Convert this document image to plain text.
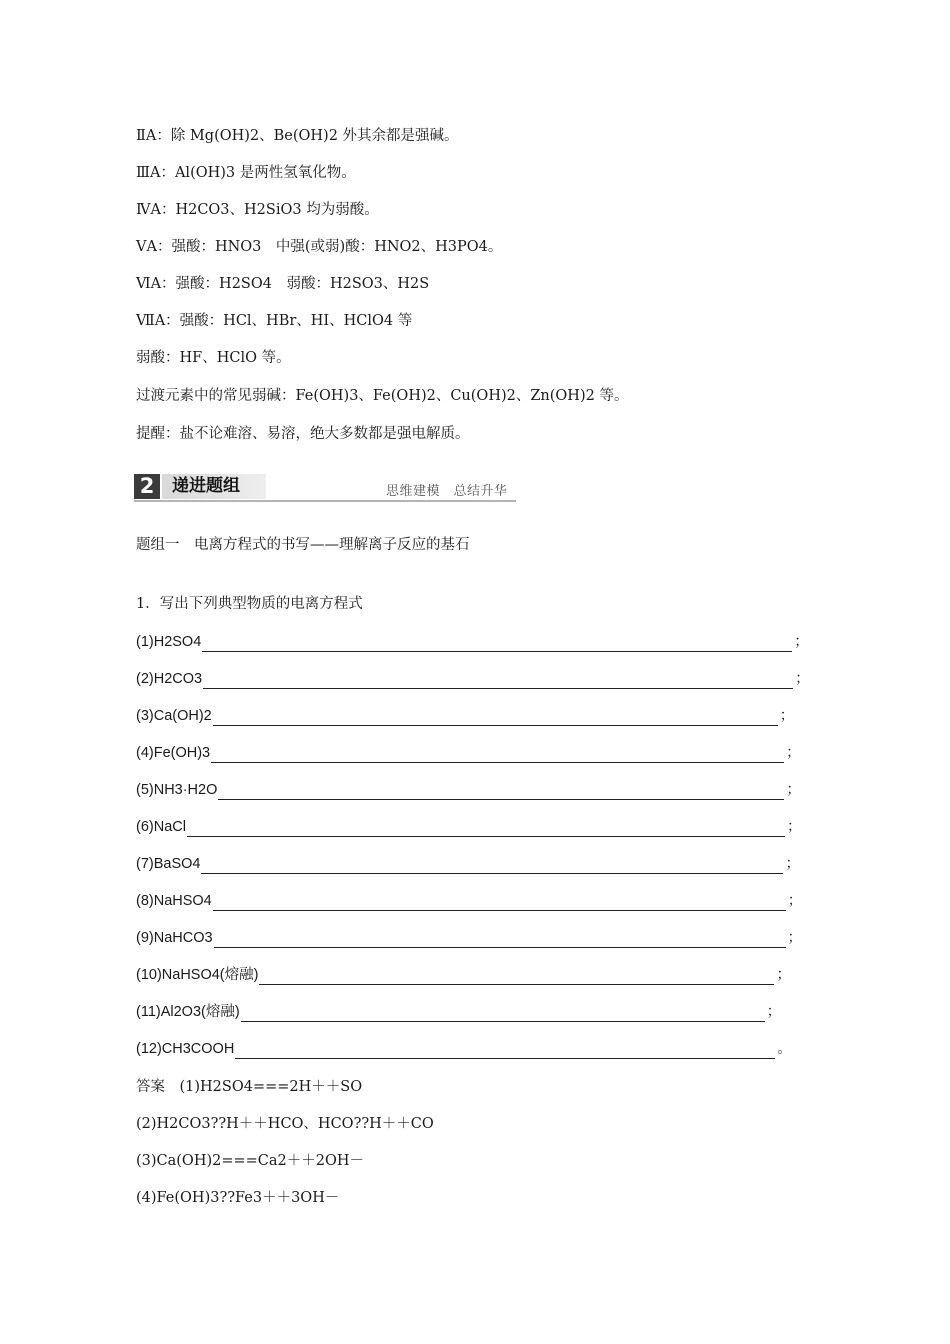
ⅡA：除 Mg(OH)2、Be(OH)2 外其余都是强碱。
ⅢA：Al(OH)3 是两性氢氧化物。
ⅣA：H2CO3、H2SiO3 均为弱酸。
ⅤA：强酸：HNO3　中强(或弱)酸：HNO2、H3PO4。
ⅥA：强酸：H2SO4　弱酸：H2SO3、H2S
ⅦA：强酸：HCl、HBr、HI、HClO4 等
弱酸：HF、HClO 等。
过渡元素中的常见弱碱：Fe(OH)3、Fe(OH)2、Cu(OH)2、Zn(OH)2 等。
提醒：盐不论难溶、易溶，绝大多数都是强电解质。
2	递进题组	思维建模　总结升华
题组一　电离方程式的书写——理解离子反应的基石
1．写出下列典型物质的电离方程式
(1)H2SO4	；
(2)H2CO3	；
(3)Ca(OH)2	；
(4)Fe(OH)3	；
(5)NH3·H2O	；
(6)NaCl	；
(7)BaSO4	；
(8)NaHSO4	；
(9)NaHCO3	；
(10)NaHSO4(熔融)	；
(11)Al2O3(熔融)	；
(12)CH3COOH	。
答案　(1)H2SO4===2H＋＋SO
(2)H2CO3??H＋＋HCO、HCO??H＋＋CO
(3)Ca(OH)2===Ca2＋＋2OH－
(4)Fe(OH)3??Fe3＋＋3OH－
